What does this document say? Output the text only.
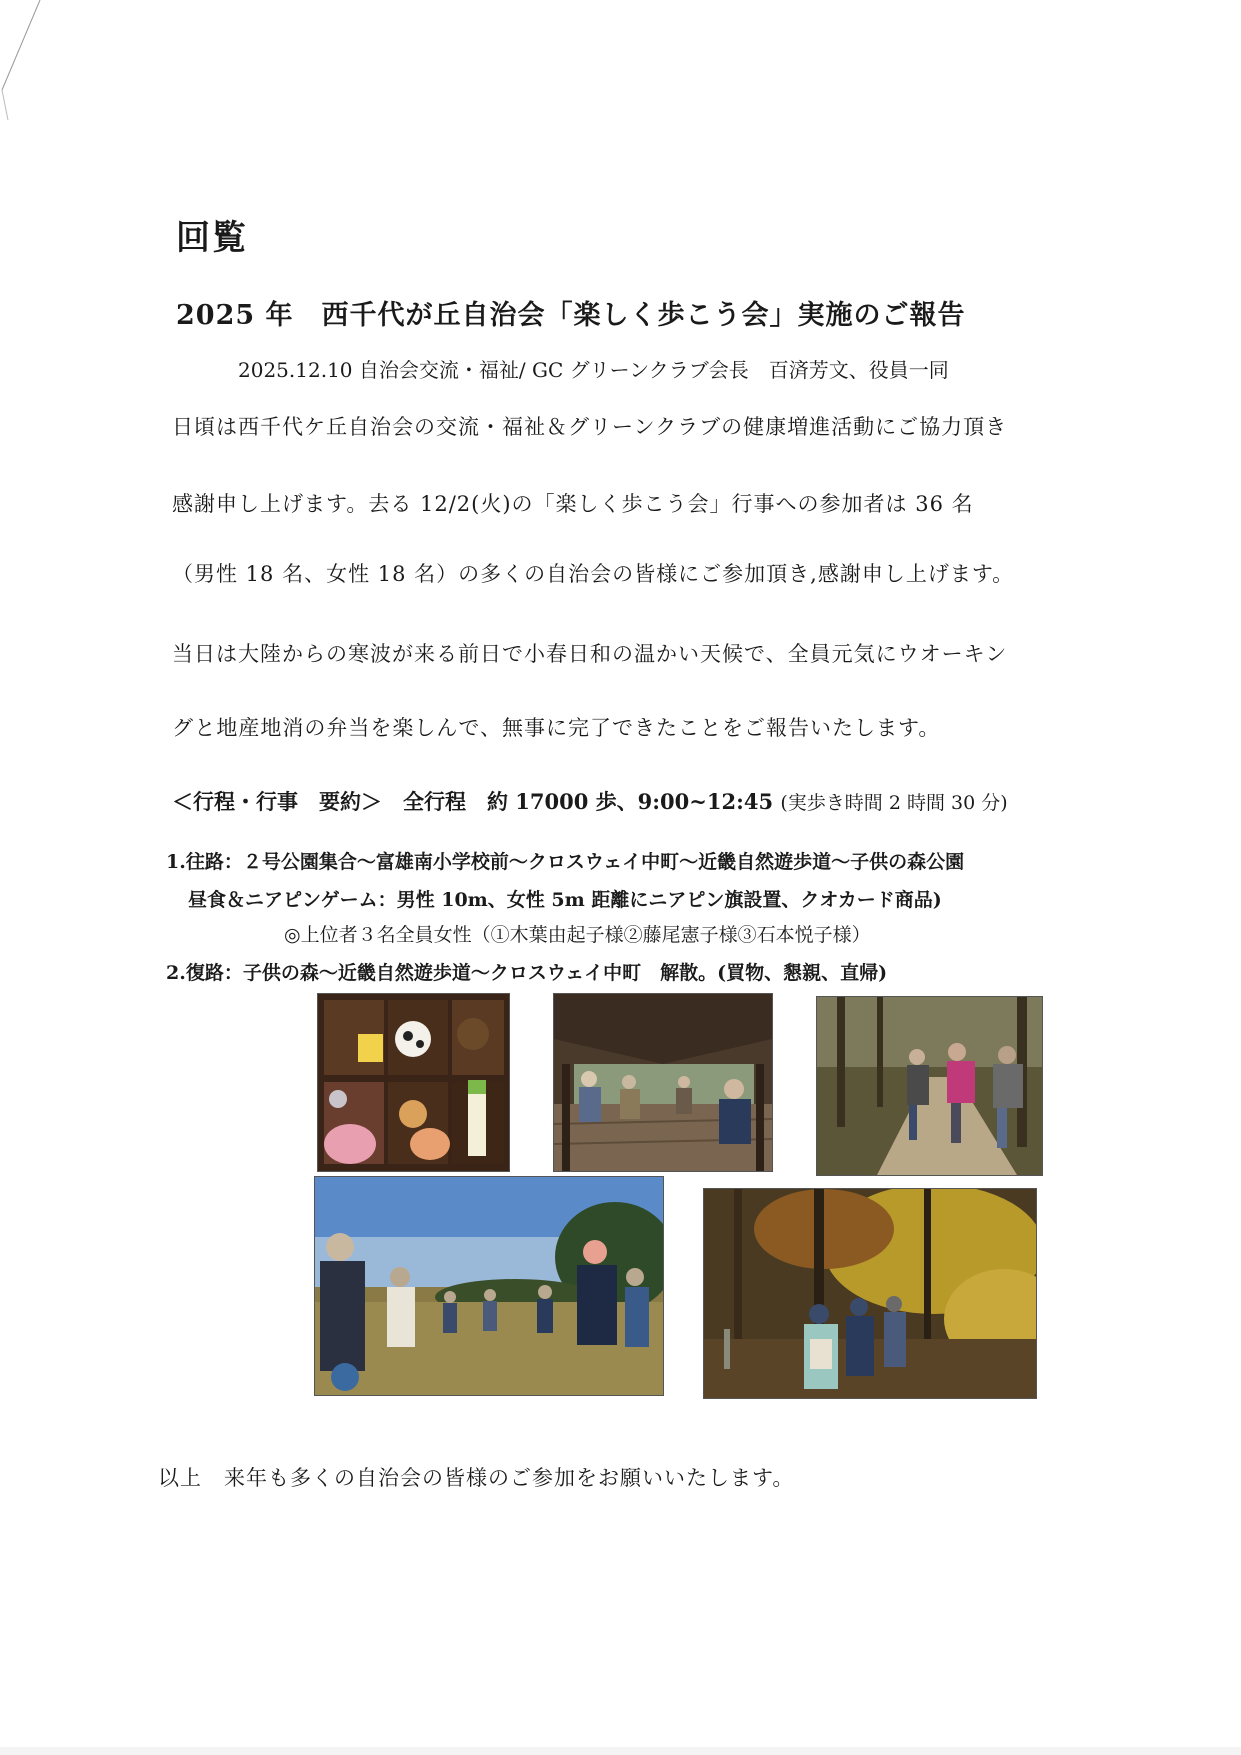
回覧
2025 年　西千代が丘自治会「楽しく歩こう会」実施のご報告
2025.12.10 自治会交流・福祉/ GC グリーンクラブ会長　百済芳文、役員一同
日頃は西千代ケ丘自治会の交流・福祉＆グリーンクラブの健康増進活動にご協力頂き
感謝申し上げます。去る 12/2(火)の「楽しく歩こう会」行事への参加者は 36 名
（男性 18 名、女性 18 名）の多くの自治会の皆様にご参加頂き,感謝申し上げます。
当日は大陸からの寒波が来る前日で小春日和の温かい天候で、全員元気にウオーキン
グと地産地消の弁当を楽しんで、無事に完了できたことをご報告いたします。
＜行程・行事　要約＞　全行程　約 17000 歩、9:00~12:45 (実歩き時間 2 時間 30 分)
1.往路：２号公園集合～富雄南小学校前～クロスウェイ中町～近畿自然遊歩道～子供の森公園
昼食＆ニアピンゲーム：男性 10m、女性 5m 距離にニアピン旗設置、クオカード商品)
◎上位者３名全員女性（①木葉由起子様②藤尾憲子様③石本悦子様）
2.復路：子供の森～近畿自然遊歩道～クロスウェイ中町　解散。(買物、懇親、直帰)
以上　来年も多くの自治会の皆様のご参加をお願いいたします。
